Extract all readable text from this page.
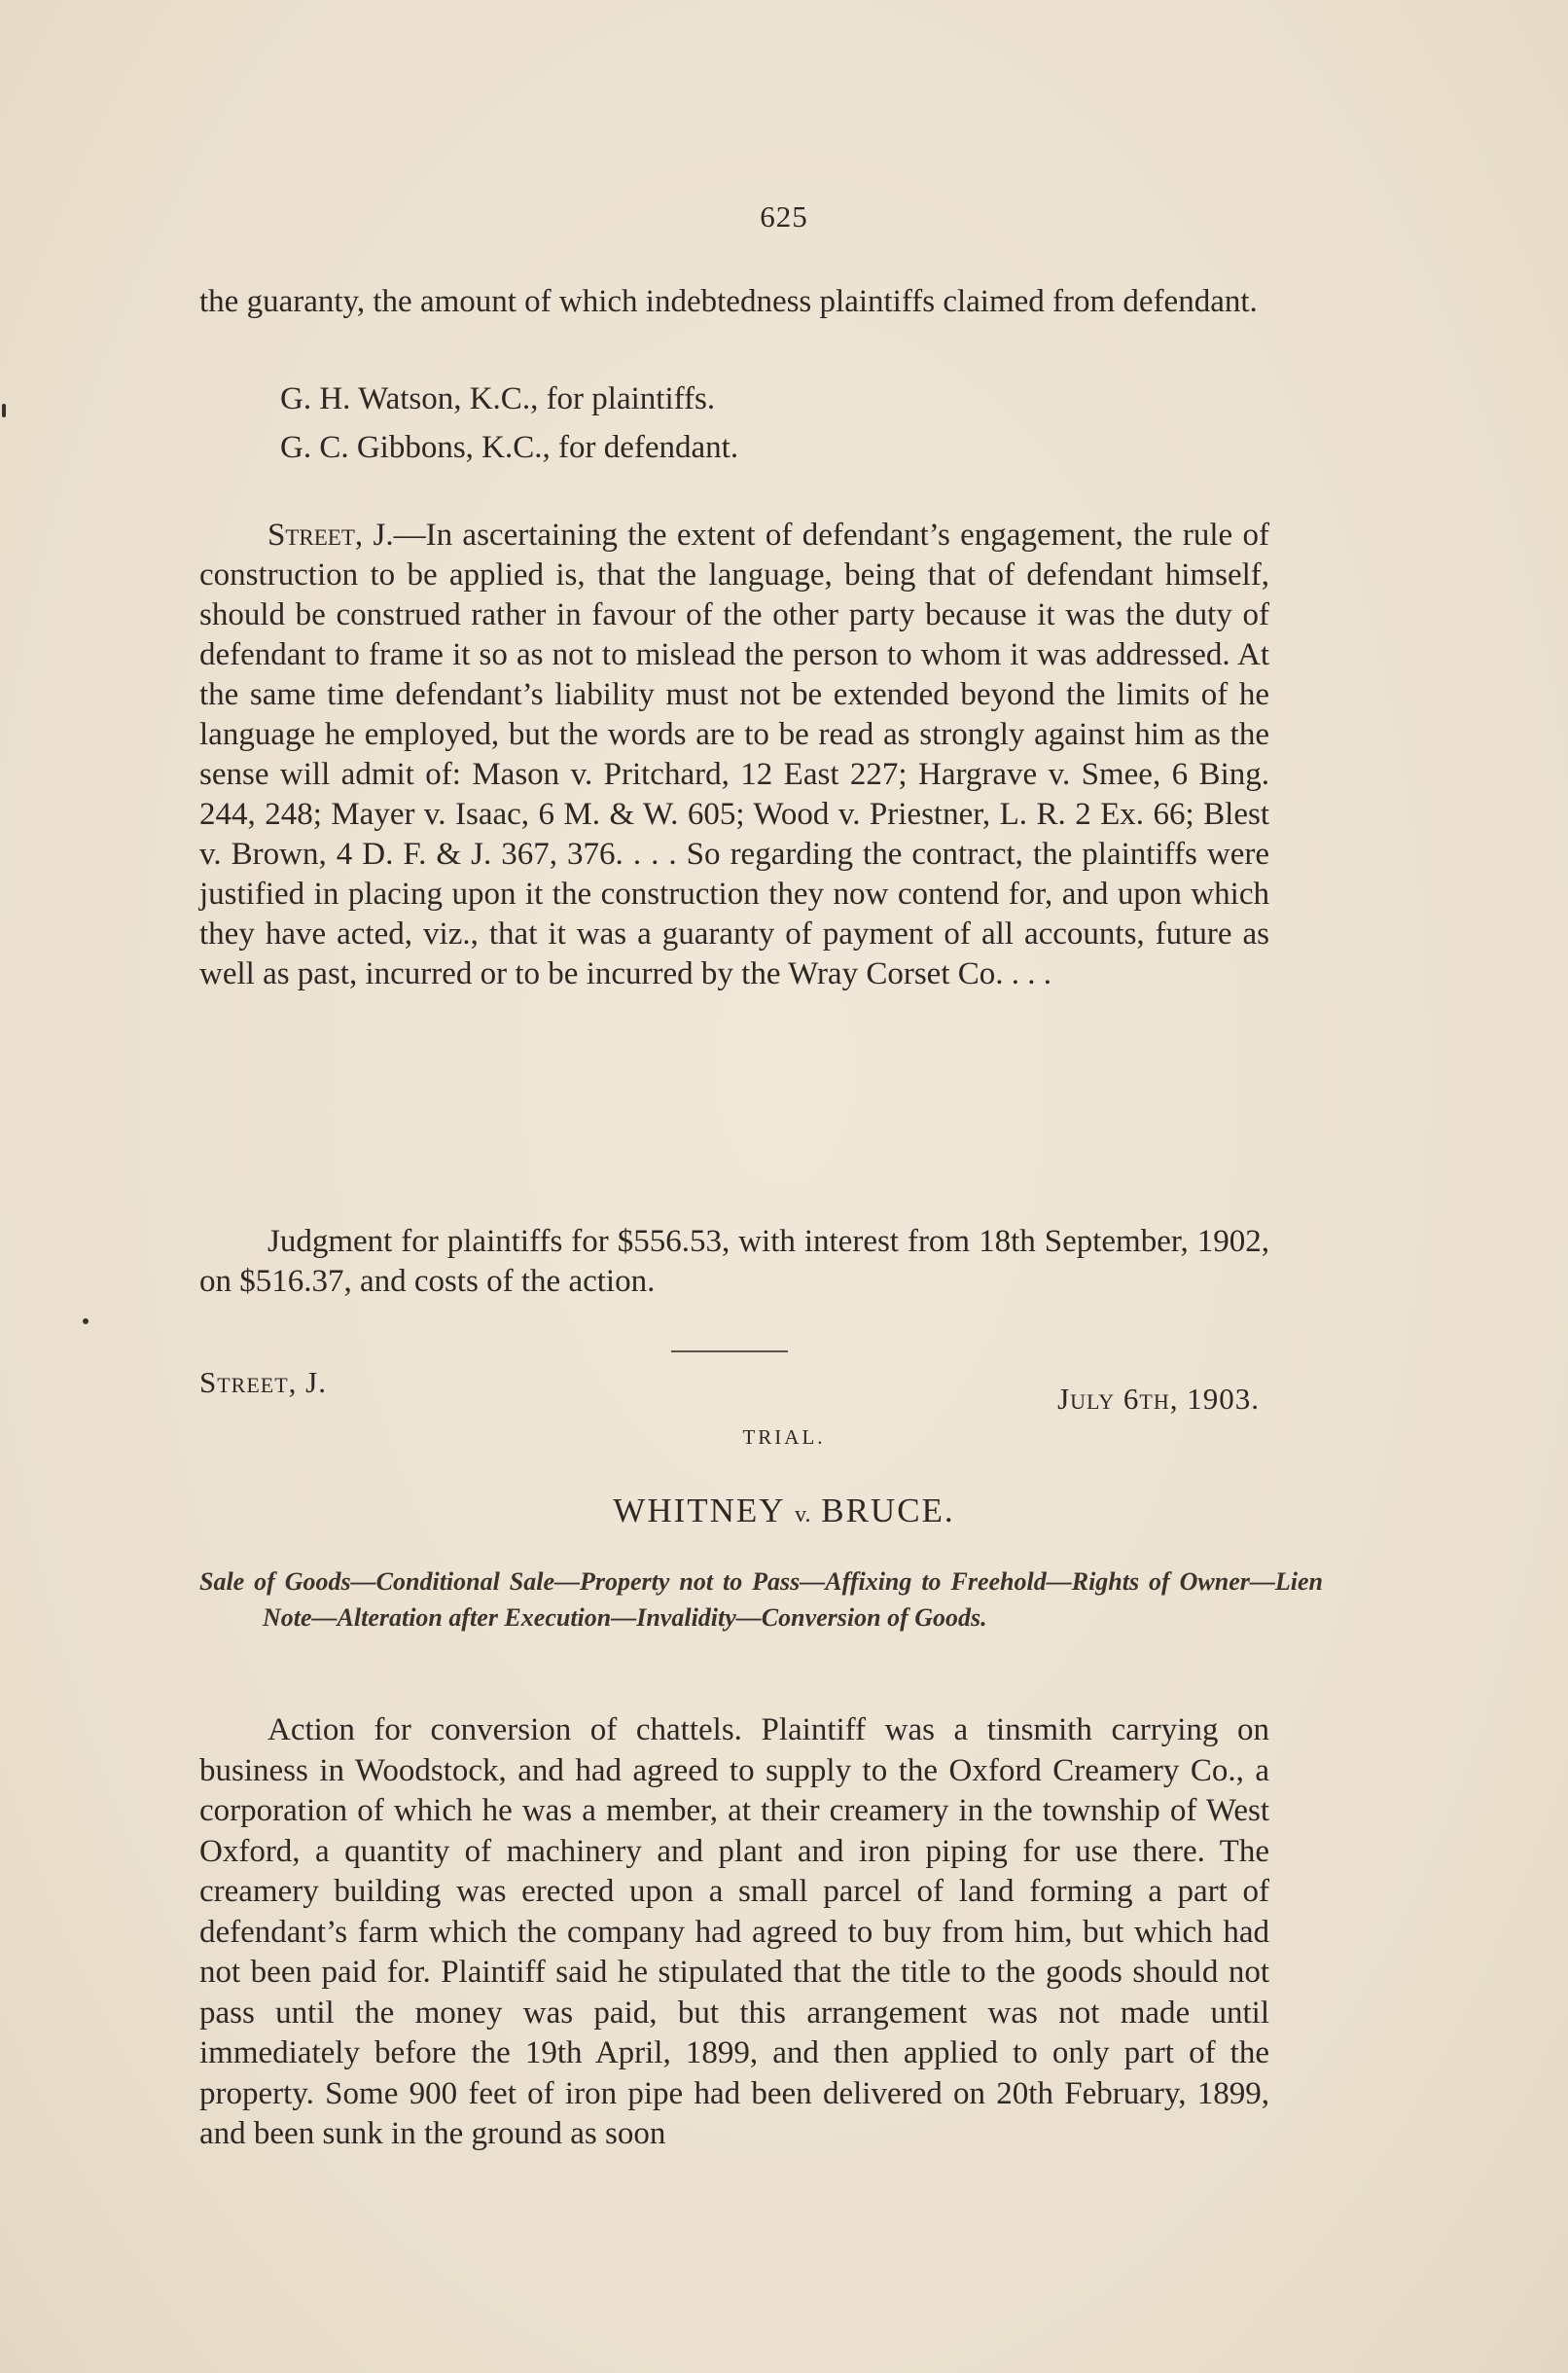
625

the guaranty, the amount of which indebtedness plaintiffs claimed from defendant.

G. H. Watson, K.C., for plaintiffs.

G. C. Gibbons, K.C., for defendant.

Street, J.—In ascertaining the extent of defendant’s engagement, the rule of construction to be applied is, that the language, being that of defendant himself, should be construed rather in favour of the other party because it was the duty of defendant to frame it so as not to mislead the person to whom it was addressed. At the same time defendant’s liability must not be extended beyond the limits of he language he employed, but the words are to be read as strongly against him as the sense will admit of: Mason v. Pritchard, 12 East 227; Hargrave v. Smee, 6 Bing. 244, 248; Mayer v. Isaac, 6 M. & W. 605; Wood v. Priestner, L. R. 2 Ex. 66; Blest v. Brown, 4 D. F. & J. 367, 376. . . . So regarding the contract, the plaintiffs were justified in placing upon it the construction they now contend for, and upon which they have acted, viz., that it was a guaranty of payment of all accounts, future as well as past, incurred or to be incurred by the Wray Corset Co. . . .

Judgment for plaintiffs for $556.53, with interest from 18th September, 1902, on $516.37, and costs of the action.

Street, J.	July 6th, 1903.
TRIAL.
WHITNEY v. BRUCE.

Sale of Goods—Conditional Sale—Property not to Pass—Affixing to Freehold—Rights of Owner—Lien Note—Alteration after Execution—Invalidity—Conversion of Goods.

Action for conversion of chattels. Plaintiff was a tinsmith carrying on business in Woodstock, and had agreed to supply to the Oxford Creamery Co., a corporation of which he was a member, at their creamery in the township of West Oxford, a quantity of machinery and plant and iron piping for use there. The creamery building was erected upon a small parcel of land forming a part of defendant’s farm which the company had agreed to buy from him, but which had not been paid for. Plaintiff said he stipulated that the title to the goods should not pass until the money was paid, but this arrangement was not made until immediately before the 19th April, 1899, and then applied to only part of the property. Some 900 feet of iron pipe had been delivered on 20th February, 1899, and been sunk in the ground as soon
